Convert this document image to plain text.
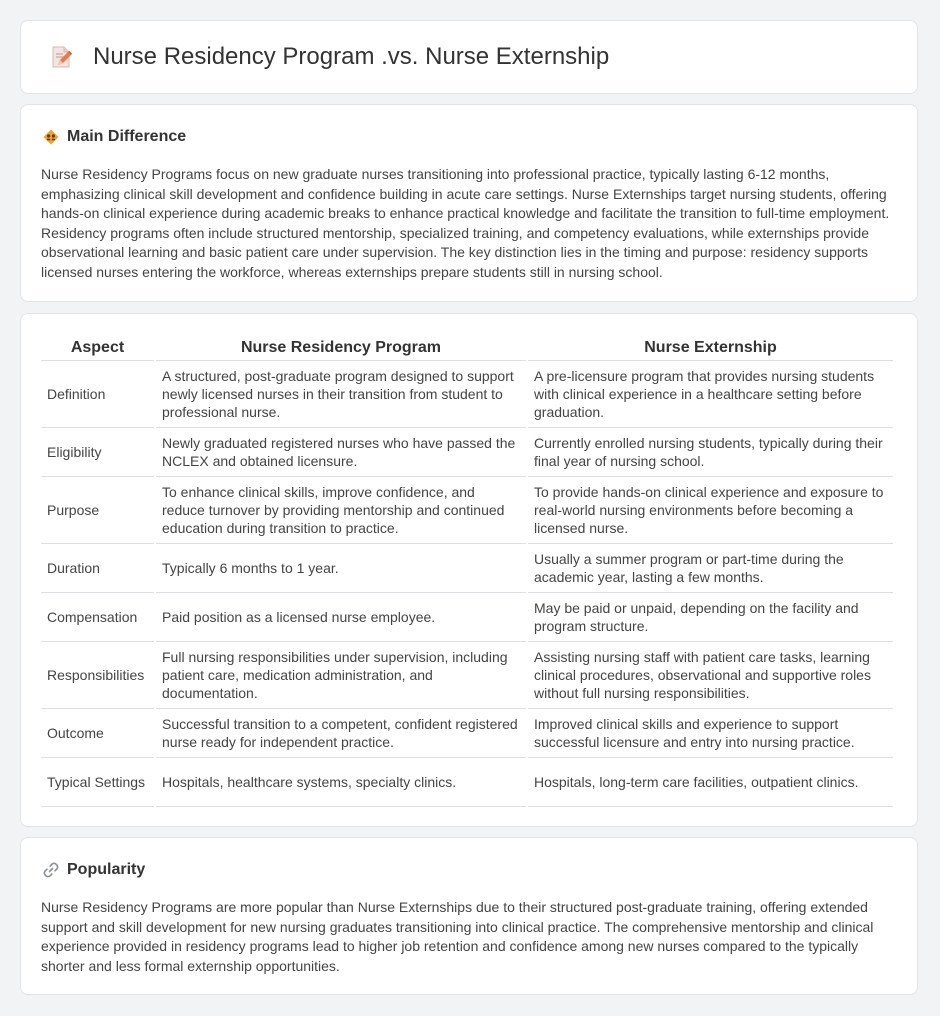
Nurse Residency Program .vs. Nurse Externship
Main Difference

Nurse Residency Programs focus on new graduate nurses transitioning into professional practice, typically lasting 6-12 months, emphasizing clinical skill development and confidence building in acute care settings. Nurse Externships target nursing students, offering hands-on clinical experience during academic breaks to enhance practical knowledge and facilitate the transition to full-time employment. Residency programs often include structured mentorship, specialized training, and competency evaluations, while externships provide observational learning and basic patient care under supervision. The key distinction lies in the timing and purpose: residency supports licensed nurses entering the workforce, whereas externships prepare students still in nursing school.

Aspect	Nurse Residency Program	Nurse Externship
Definition	A structured, post-graduate program designed to support newly licensed nurses in their transition from student to professional nurse.	A pre-licensure program that provides nursing students with clinical experience in a healthcare setting before graduation.
Eligibility	Newly graduated registered nurses who have passed the NCLEX and obtained licensure.	Currently enrolled nursing students, typically during their final year of nursing school.
Purpose	To enhance clinical skills, improve confidence, and reduce turnover by providing mentorship and continued education during transition to practice.	To provide hands-on clinical experience and exposure to real-world nursing environments before becoming a licensed nurse.
Duration	Typically 6 months to 1 year.	Usually a summer program or part-time during the academic year, lasting a few months.
Compensation	Paid position as a licensed nurse employee.	May be paid or unpaid, depending on the facility and program structure.
Responsibilities	Full nursing responsibilities under supervision, including patient care, medication administration, and documentation.	Assisting nursing staff with patient care tasks, learning clinical procedures, observational and supportive roles without full nursing responsibilities.
Outcome	Successful transition to a competent, confident registered nurse ready for independent practice.	Improved clinical skills and experience to support successful licensure and entry into nursing practice.
Typical Settings	Hospitals, healthcare systems, specialty clinics.	Hospitals, long-term care facilities, outpatient clinics.
Popularity

Nurse Residency Programs are more popular than Nurse Externships due to their structured post-graduate training, offering extended support and skill development for new nursing graduates transitioning into clinical practice. The comprehensive mentorship and clinical experience provided in residency programs lead to higher job retention and confidence among new nurses compared to the typically shorter and less formal externship opportunities.
